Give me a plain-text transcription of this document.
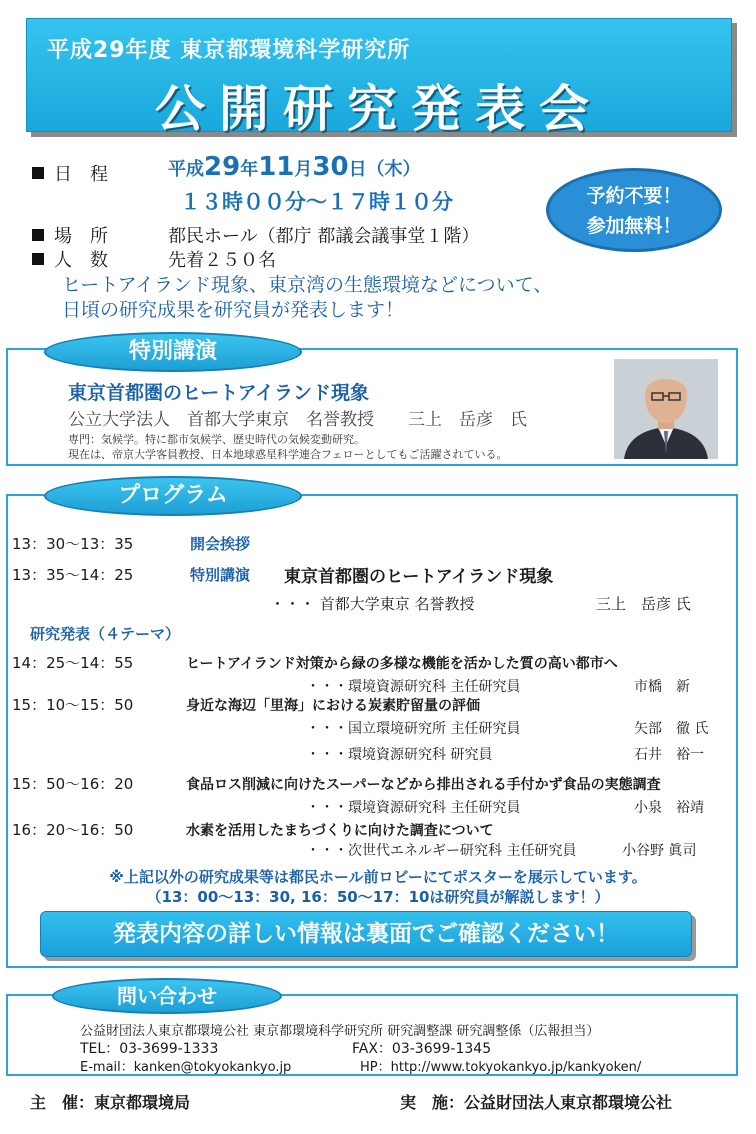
平成29年度 東京都環境科学研究所
公開研究発表会
日　程	平成29年11月30日（木）
１３時００分～１７時１０分
場　所	都民ホール（都庁 都議会議事堂１階）
人　数	先着２５０名
予約不要！
参加無料！
ヒートアイランド現象、東京湾の生態環境などについて、
日頃の研究成果を研究員が発表します！
特別講演
東京首都圏のヒートアイランド現象
公立大学法人　首都大学東京　名誉教授　　三上　岳彦　氏
専門：気候学。特に都市気候学、歴史時代の気候変動研究。
現在は、帝京大学客員教授、日本地球惑星科学連合フェローとしてもご活躍されている。
プログラム
13：30～13：35	開会挨拶
13：35～14：25	特別講演 東京首都圏のヒートアイランド現象
・・・ 首都大学東京 名誉教授	三上　岳彦 氏
研究発表（４テーマ）
14：25～14：55	ヒートアイランド対策から緑の多様な機能を活かした質の高い都市へ
・・・環境資源研究科 主任研究員	市橋　新
15：10～15：50	身近な海辺「里海」における炭素貯留量の評価
・・・国立環境研究所 主任研究員	矢部　徹 氏
・・・環境資源研究科 研究員	石井　裕一
15：50～16：20	食品ロス削減に向けたスーパーなどから排出される手付かず食品の実態調査
・・・環境資源研究科 主任研究員	小泉　裕靖
16：20～16：50	水素を活用したまちづくりに向けた調査について
・・・次世代エネルギー研究科 主任研究員	小谷野 眞司
※上記以外の研究成果等は都民ホール前ロビーにてポスターを展示しています。
（13：00～13：30, 16：50～17：10は研究員が解説します！）
発表内容の詳しい情報は裏面でご確認ください！
問い合わせ
公益財団法人東京都環境公社 東京都環境科学研究所 研究調整課 研究調整係（広報担当）
TEL：03-3699-1333	FAX：03-3699-1345
E-mail：kanken@tokyokankyo.jp	HP：http://www.tokyokankyo.jp/kankyoken/
主　催：東京都環境局	実　施：公益財団法人東京都環境公社
